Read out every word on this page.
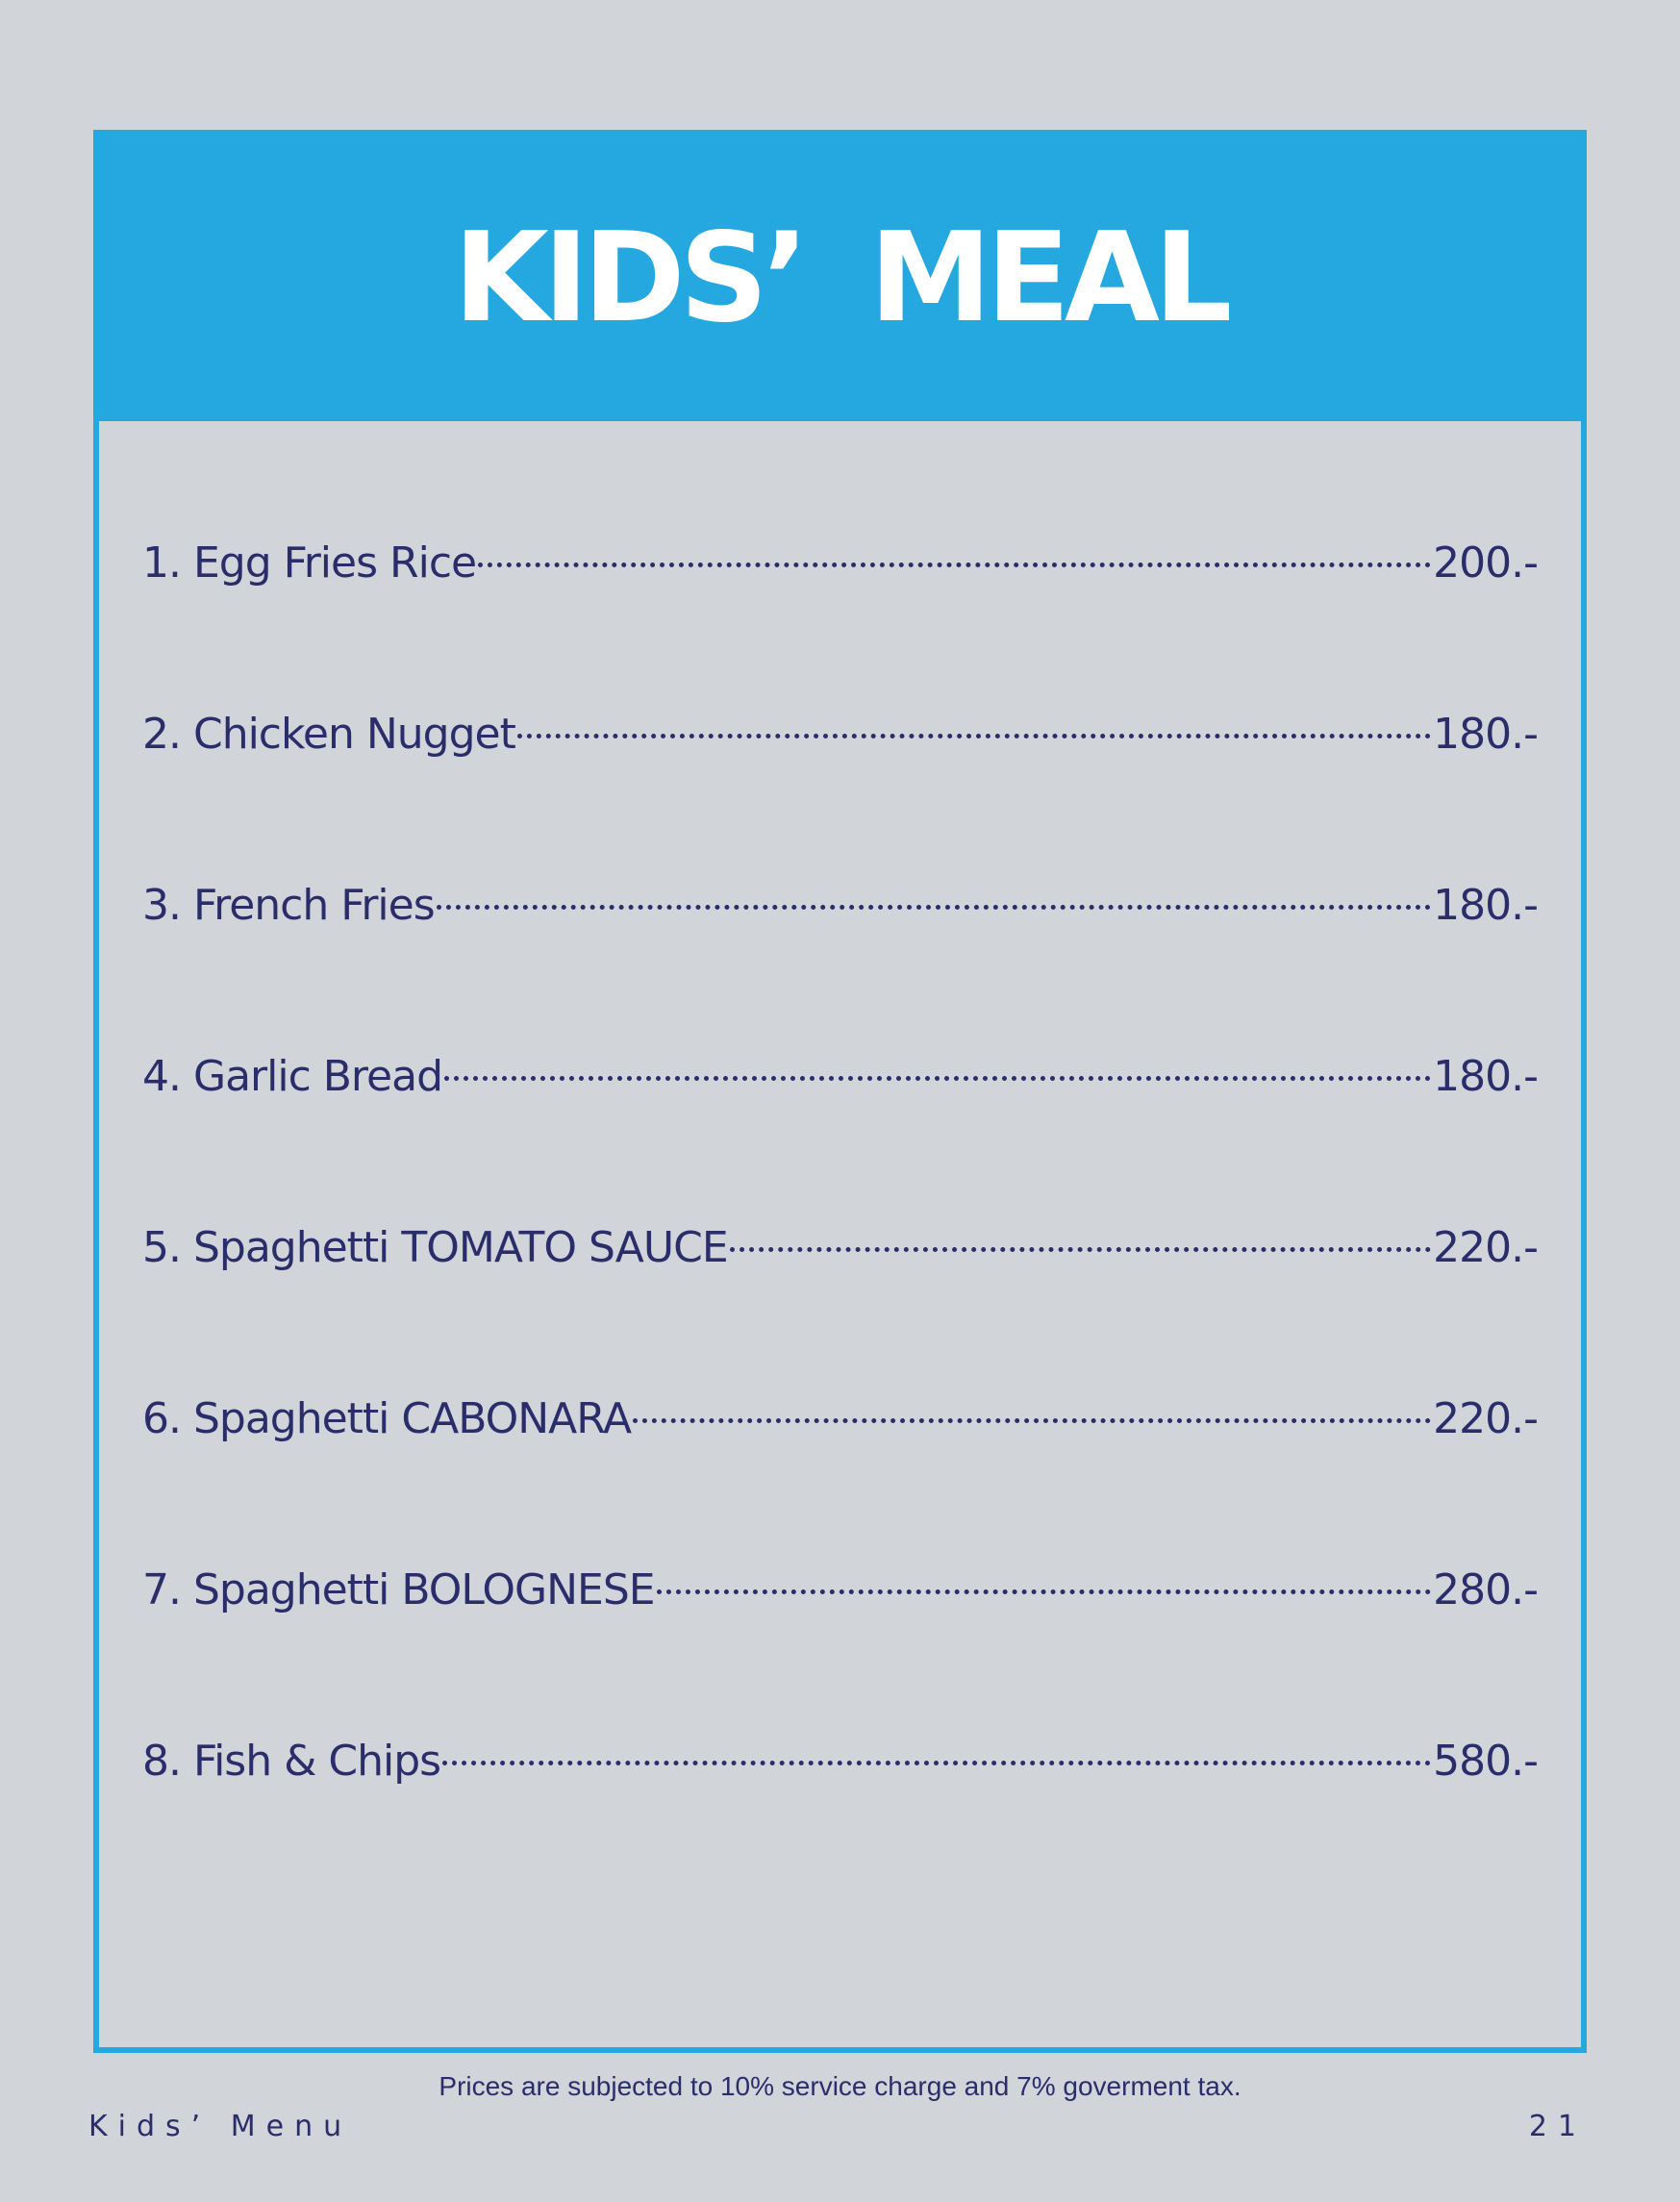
KIDS’ MEAL
1. Egg Fries Rice	200.-
2. Chicken Nugget	180.-
3. French Fries	180.-
4. Garlic Bread	180.-
5. Spaghetti TOMATO SAUCE	220.-
6. Spaghetti CABONARA	220.-
7. Spaghetti BOLOGNESE	280.-
8. Fish & Chips	580.-

Prices are subjected to 10% service charge and 7% goverment tax.

Kids’ Menu	21
